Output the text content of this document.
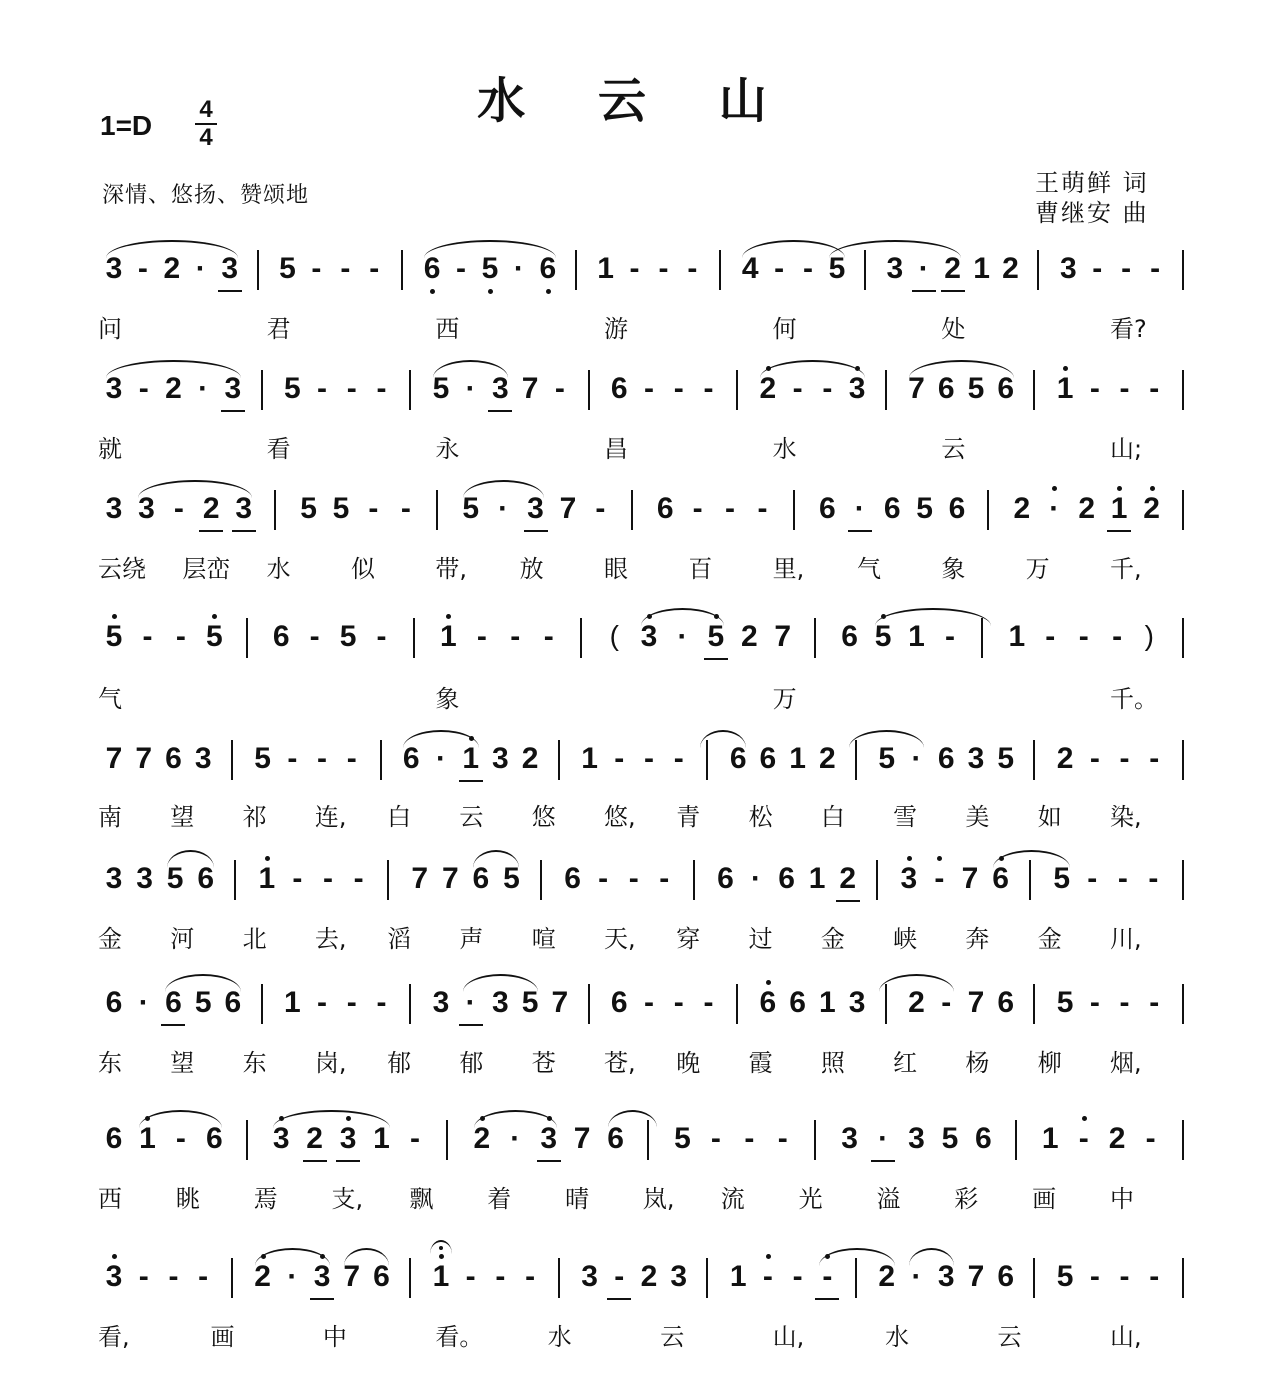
水 云 山
1=D
4
4
深情、悠扬、赞颂地	王萌鲜 词
曹继安 曲
3 - 2 · 3 5 - - -	6 - 5 · 6 1 - - -	4 - - 5 3 · 2 1 2 3 - - -
问	君	西	游	何	处	看?
3 - 2 · 3 5 - - -	5 · 3 7 -	6 - - -	2 - - 3 7 6 5 6 1 - - -
就	看	永	昌	水	云	山;
3 3 - 2 3 5 5 - -	5 · 3 7 -	6 - - -	6 · 6 5 6 2 · 2 1 2
云绕 层峦 水	似	带, 放	眼	百	里, 气	象	万	千,
5 - - 5 6 - 5 -	1 - - -	( 3 · 5 2 7 6 5 1 -	1 - - - )
气	象	万	千。
7 7 6 3 5 - - -	6 · 1 3 2 1 - - -	6 6 1 2 5 · 6 3 5 2 - - -
南 望 祁 连, 白 云 悠 悠, 青 松 白 雪 美 如 染,
3 3 5 6 1 - - -	7 7 6 5 6 - - -	6 · 6 1 2 3 - 7 6 5 - - -
金 河 北 去, 滔 声 喧 天, 穿 过 金 峡 奔 金 川,
6 · 6 5 6 1 - - -	3 · 3 5 7 6 - - -	6 6 1 3 2 - 7 6 5 - - -
东 望 东 岗, 郁 郁 苍 苍, 晚 霞 照 红 杨 柳 烟,
6 1 - 6 3 2 3 1 -	2 · 3 7 6 5 - - -	3 · 3 5 6 1 - 2 -
西 眺 焉 支, 飘 着 晴 岚, 流 光 溢 彩 画 中
3 - - -	2 · 3 7 6 1 - - -	3 - 2 3 1 - - -	2 · 3 7 6 5 - - -
看,	画	中	看。	水	云	山,	水	云	山,
